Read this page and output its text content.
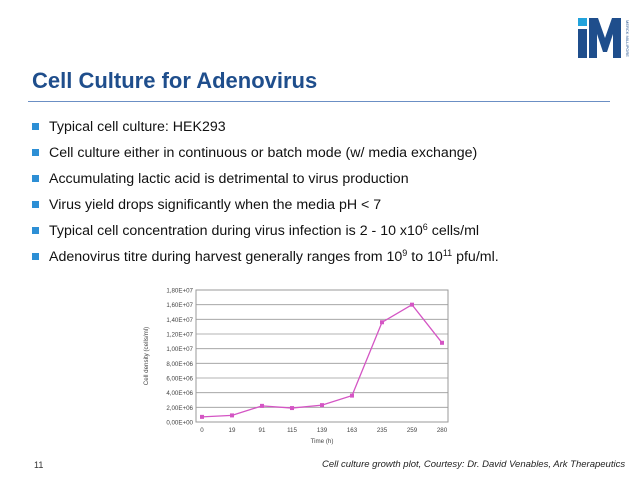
MERCK MILLIPORE
Cell Culture for Adenovirus
Typical cell culture: HEK293
Cell culture either in continuous or batch mode (w/ media exchange)
Accumulating lactic acid is detrimental to virus production
Virus yield drops significantly when the media pH < 7
Typical cell concentration during virus infection is 2 - 10 $x10^6$ cells/ml
Adenovirus titre during harvest generally ranges from $10^9$ to $10^{11}$ pfu/ml.
0,00E+00
2,00E+06
4,00E+06
6,00E+06
8,00E+06
1,00E+07
1,20E+07
1,40E+07
1,60E+07
1,80E+07
0	19	91	115	139	163	235	259	280
Time (h)
Cell density (cells/ml)
11	Cell culture growth plot, Courtesy: Dr. David Venables, Ark Therapeutics
